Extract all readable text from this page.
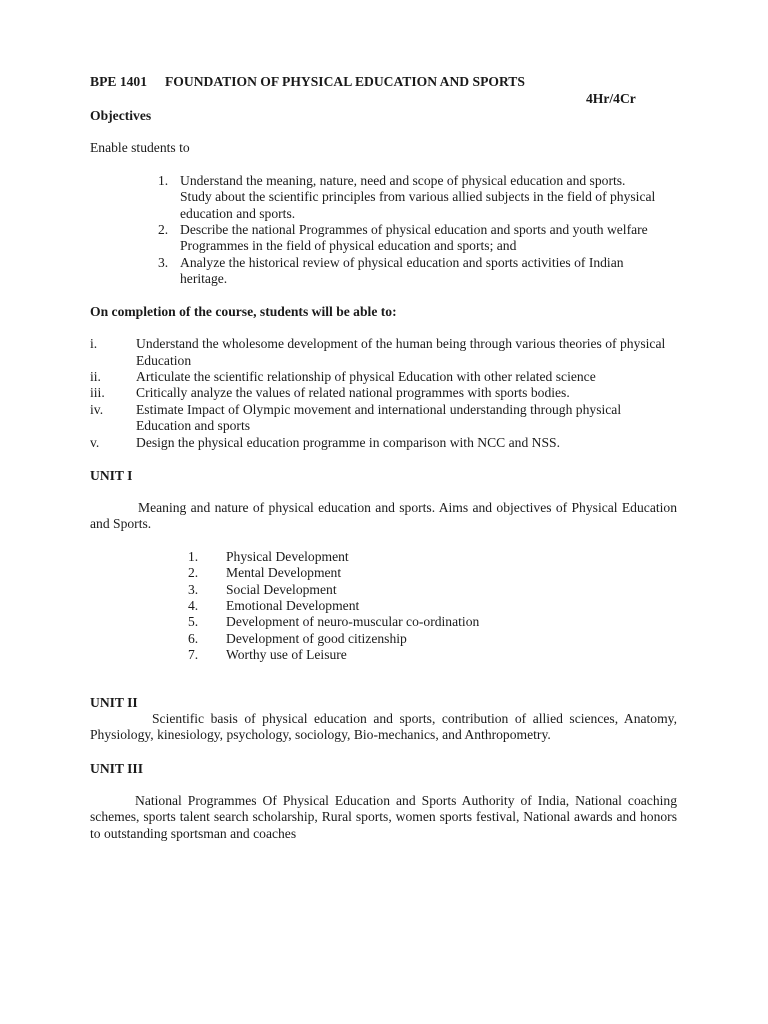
BPE 1401 FOUNDATION OF PHYSICAL EDUCATION AND SPORTS
4Hr/4Cr
Objectives
Enable students to
1. Understand the meaning, nature, need and scope of physical education and sports.
Study about the scientific principles from various allied subjects in the field of physical
education and sports.
2. Describe the national Programmes of physical education and sports and youth welfare
Programmes in the field of physical education and sports; and
3. Analyze the historical review of physical education and sports activities of Indian
heritage.
On completion of the course, students will be able to:
i.	Understand the wholesome development of the human being through various theories of physical
Education
ii.	Articulate the scientific relationship of physical Education with other related science
iii. Critically analyze the values of related national programmes with sports bodies.
iv. Estimate Impact of Olympic movement and international understanding through physical
Education and sports
v.	Design the physical education programme in comparison with NCC and NSS.
UNIT I
Meaning and nature of physical education and sports. Aims and objectives of Physical Education and Sports.
1. Physical Development
2. Mental Development
3. Social Development
4. Emotional Development
5. Development of neuro-muscular co-ordination
6. Development of good citizenship
7. Worthy use of Leisure
UNIT II
Scientific basis of physical education and sports, contribution of allied sciences, Anatomy, Physiology, kinesiology, psychology, sociology, Bio-mechanics, and Anthropometry.
UNIT III
National Programmes Of Physical Education and Sports Authority of India, National coaching schemes, sports talent search scholarship, Rural sports, women sports festival, National awards and honors to outstanding sportsman and coaches
